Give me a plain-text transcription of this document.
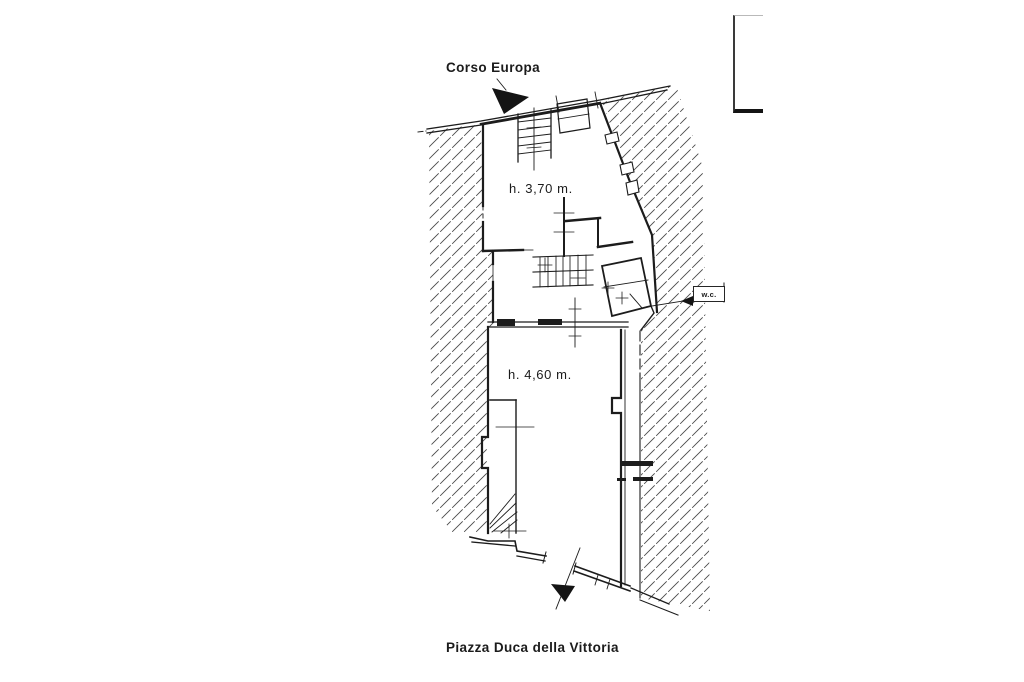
Corso Europa
h. 3,70 m.
h. 4,60 m.
w.c.
Piazza Duca della Vittoria
